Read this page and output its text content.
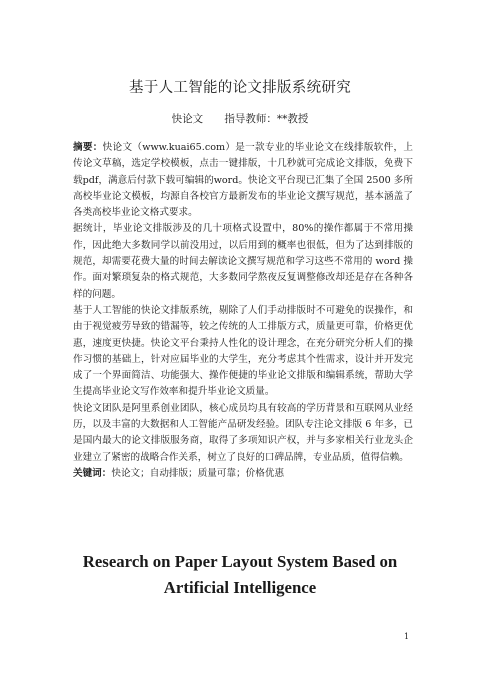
基于人工智能的论文排版系统研究
快论文 指导教师：**教授

摘要：快论文（www.kuai65.com）是一款专业的毕业论文在线排版软件，上传论文草稿，选定学校模板，点击一键排版，十几秒就可完成论文排版，免费下载pdf，满意后付款下载可编辑的word。快论文平台现已汇集了全国 2500 多所高校毕业论文模板，均源自各校官方最新发布的毕业论文撰写规范，基本涵盖了各类高校毕业论文格式要求。

据统计，毕业论文排版涉及的几十项格式设置中，80%的操作都属于不常用操作，因此绝大多数同学以前没用过，以后用到的概率也很低，但为了达到排版的规范，却需要花费大量的时间去解读论文撰写规范和学习这些不常用的 word 操作。面对繁琐复杂的格式规范，大多数同学熬夜反复调整修改却还是存在各种各样的问题。

基于人工智能的快论文排版系统，剔除了人们手动排版时不可避免的误操作，和由于视觉疲劳导致的错漏等，较之传统的人工排版方式，质量更可靠，价格更优惠，速度更快捷。快论文平台秉持人性化的设计理念，在充分研究分析人们的操作习惯的基础上，针对应届毕业的大学生，充分考虑其个性需求，设计并开发完成了一个界面简洁、功能强大、操作便捷的毕业论文排版和编辑系统，帮助大学生提高毕业论文写作效率和提升毕业论文质量。

快论文团队是阿里系创业团队，核心成员均具有较高的学历背景和互联网从业经历，以及丰富的大数据和人工智能产品研发经验。团队专注论文排版 6 年多，已是国内最大的论文排版服务商，取得了多项知识产权，并与多家相关行业龙头企业建立了紧密的战略合作关系，树立了良好的口碑品牌，专业品质，值得信赖。

关键词：快论文；自动排版；质量可靠；价格优惠

Research on Paper Layout System Based on Artificial Intelligence
1
